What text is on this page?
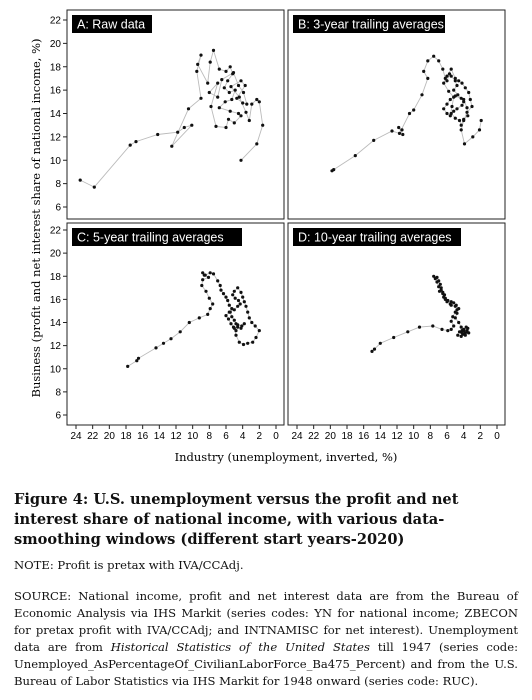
A: Raw data
6
8
10
12
14
16
18
20
22	B: 3-year trailing averages
C: 5-year trailing averages
6
8
10
12
14
16
18
20
22
24 22 20 18 16 14 12 10 8 6 4 2 0
D: 10-year trailing averages
24 22 20 18 16 14 12 10 8 6 4 2 0
Industry (unemployment, inverted, %)
Business (profit and net interest share of national income, %)
Figure 4: U.S. unemployment versus the profit and net interest share of national income, with various data-smoothing windows (different start years-2020)
NOTE: Profit is pretax with IVA/CCAdj.
SOURCE: National income, profit and net interest data are from the Bureau of Economic Analysis via IHS Markit (series codes: YN for national income; ZBECON for pretax profit with IVA/CCAdj; and INTNAMISC for net interest). Unemployment data are from Historical Statistics of the United States till 1947 (series code: Unemployed_AsPercentageOf_CivilianLaborForce_Ba475_Percent) and from the U.S. Bureau of Labor Statistics via IHS Markit for 1948 onward (series code: RUC).
